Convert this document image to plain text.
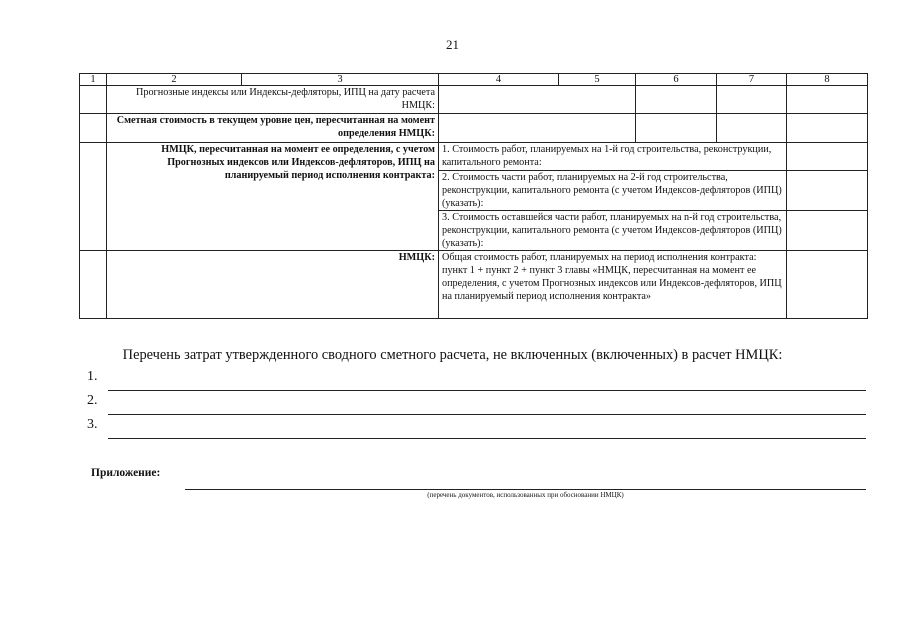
21
1	2	3	4	5	6	7	8
	Прогнозные индексы или Индексы-дефляторы, ИПЦ на дату расчета НМЦК:						
	Сметная стоимость в текущем уровне цен, пересчитанная на момент определения НМЦК:						
	НМЦК, пересчитанная на момент ее определения, с учетом Прогнозных индексов или Индексов-дефляторов, ИПЦ на планируемый период исполнения контракта:		1. Стоимость работ, планируемых на 1-й год строительства, реконструкции, капитального ремонта:				
			2. Стоимость части работ, планируемых на 2-й год строительства, реконструкции, капитального ремонта (с учетом Индексов-дефляторов (ИПЦ) (указать):				
			3. Стоимость оставшейся части работ, планируемых на n-й год строительства, реконструкции, капитального ремонта (с учетом Индексов-дефляторов (ИПЦ) (указать):				
	НМЦК:		Общая стоимость работ, планируемых на период исполнения контракта: пункт 1 + пункт 2 + пункт 3 главы «НМЦК, пересчитанная на момент ее определения, с учетом Прогнозных индексов или Индексов-дефляторов, ИПЦ на планируемый период исполнения контракта»				
Перечень затрат утвержденного сводного сметного расчета, не включенных (включенных) в расчет НМЦК:
1.
2.
3.
Приложение:
(перечень документов, использованных при обосновании НМЦК)
